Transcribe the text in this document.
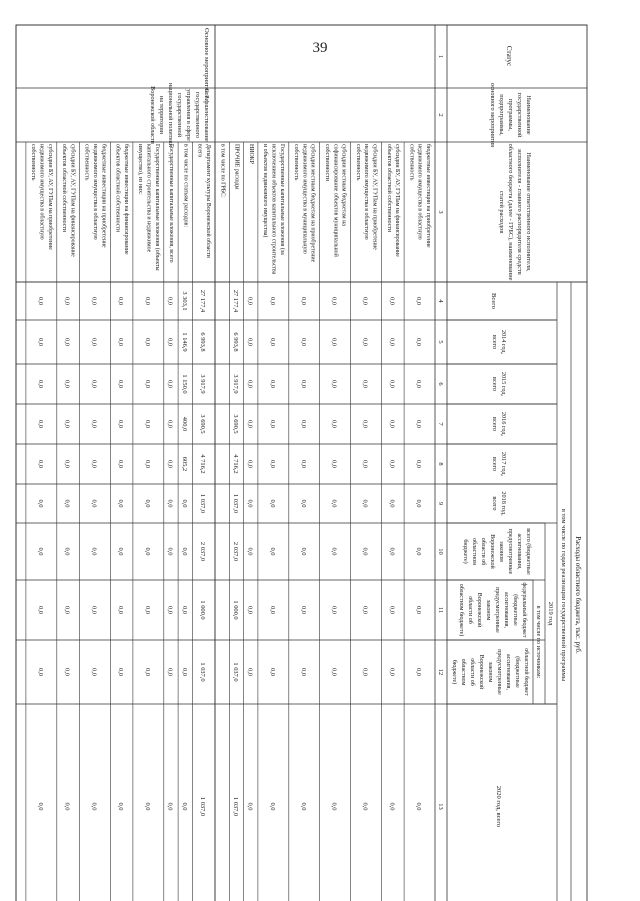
39	Статус
Наименование
государственной
программы,
подпрограммы,
основного мероприятия
Наименование ответственного исполнителя,
исполнителя - главного распорядителя средств
областного бюджета (далее - ГРБС), наименование
статей расходов
Всего
Расходы областного бюджета, тыс. руб.
в том числе по годам реализации государственной программы
2014 год,
всего
2015 год,
всего
2016 год,
всего
2017 год,
всего
2018 год,
всего
2019 год
в том числе по источникам:
всего (бюджетные
ассигнования,
предусмотренные
законом
Воронежской
области об
областном
бюджете)
федеральный бюджет
(бюджетные
ассигнования,
предусмотренные
законом
Воронежской
области об
областном бюджете)
областной бюджет
(бюджетные
ассигнования,
предусмотренные
законом
Воронежской
области об
областном
бюджете)
2020 год, всего
1
2
3
4
5
6
7
8
9
10
11
12
13
бюджетные инвестиции на приобретение
недвижимого имущества в областную
собственность
0,0
0,0
0,0
0,0
0,0
0,0
0,0
0,0
0,0
0,0
субсидии БУ, АУ, ГУПам на финансирование
объектов областной собственности
0,0
0,0
0,0
0,0
0,0
0,0
0,0
0,0
0,0
0,0
субсидии БУ, АУ, ГУПам на приобретение
недвижимого имущества в областную
собственность
0,0
0,0
0,0
0,0
0,0
0,0
0,0
0,0
0,0
0,0
субсидии местным бюджетам на
софинансирование объектов муниципальной
собственности
0,0
0,0
0,0
0,0
0,0
0,0
0,0
0,0
0,0
0,0
субсидии местным бюджетам на приобретение
недвижимого имущества в муниципальную
собственность
0,0
0,0
0,0
0,0
0,0
0,0
0,0
0,0
0,0
0,0
Государственные капитальные вложения (за
исключением объектов капитального строительства
и объектов недвижимого имущества)
0,0
0,0
0,0
0,0
0,0
0,0
0,0
0,0
0,0
0,0
НИОКР
0,0
0,0
0,0
0,0
0,0
0,0
0,0
0,0
0,0
0,0
ПРОЧИЕ расходы
27 177,4
6 993,8
3 917,9
3 690,5
4 716,2
1 037,0
2 037,0
1 000,0
1 037,0
1 037,0
в том числе по ГРБС:
Основное мероприятие 7.1
Совершенствование
государственного
управления в сфере
государственной
национальной политики
на территории
Воронежской области
Департамент культуры Воронежской области
всего
27 177,4
6 993,8
3 917,9
3 690,5
4 716,2
1 037,0
2 037,0
1 000,0
1 037,0
1 037,0
в том числе по статьям расходов:
3 303,1
1 146,9
1 150,0
400,0
605,2
0,0
0,0
0,0
0,0
0,0
Государственные капитальные вложения, всего
0,0
0,0
0,0
0,0
0,0
0,0
0,0
0,0
0,0
0,0
Государственные капитальные вложения (объекты
капитального строительства и недвижимое
имущество), из них:
0,0
0,0
0,0
0,0
0,0
0,0
0,0
0,0
0,0
0,0
бюджетные инвестиции на финансирование
объектов областной собственности
0,0
0,0
0,0
0,0
0,0
0,0
0,0
0,0
0,0
0,0
бюджетные инвестиции на приобретение
недвижимого имущества в областную
собственность
0,0
0,0
0,0
0,0
0,0
0,0
0,0
0,0
0,0
0,0
субсидии БУ, АУ, ГУПам на финансирование
объектов областной собственности
0,0
0,0
0,0
0,0
0,0
0,0
0,0
0,0
0,0
0,0
субсидии БУ, АУ, ГУПам на приобретение
недвижимого имущества в областную
собственность
0,0
0,0
0,0
0,0
0,0
0,0
0,0
0,0
0,0
0,0
